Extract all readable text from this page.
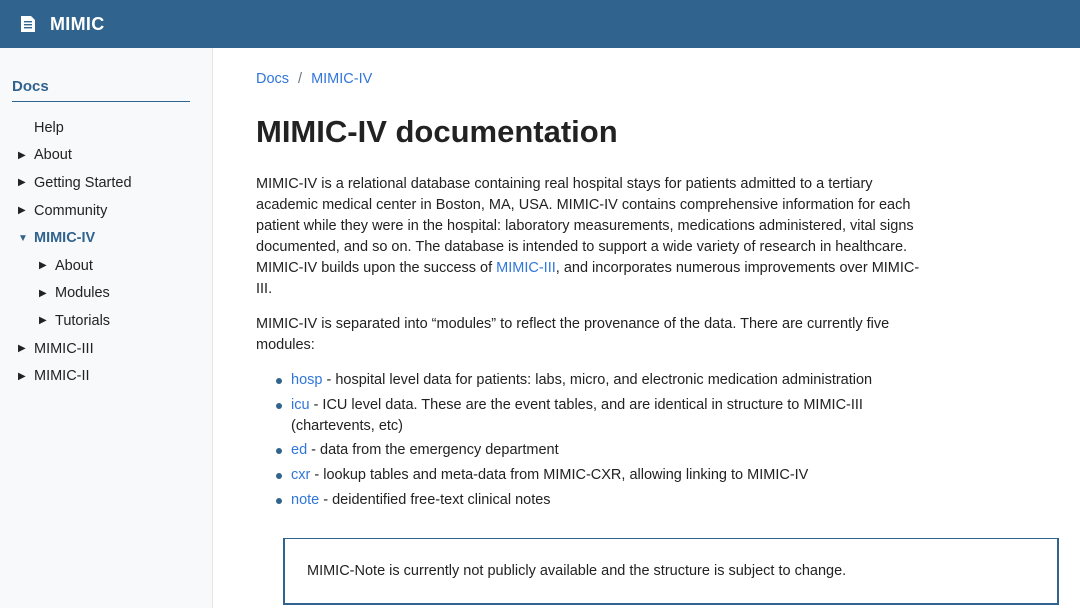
MIMIC
Docs
Help
▶ About
▶ Getting Started
▶ Community
▼ MIMIC-IV
▶ About
▶ Modules
▶ Tutorials
▶ MIMIC-III
▶ MIMIC-II
Docs / MIMIC-IV
MIMIC-IV documentation

MIMIC-IV is a relational database containing real hospital stays for patients admitted to a tertiary academic medical center in Boston, MA, USA. MIMIC-IV contains comprehensive information for each patient while they were in the hospital: laboratory measurements, medications administered, vital signs documented, and so on. The database is intended to support a wide variety of research in healthcare. MIMIC-IV builds upon the success of MIMIC-III, and incorporates numerous improvements over MIMIC-III.

MIMIC-IV is separated into “modules” to reflect the provenance of the data. There are currently five modules:

hosp - hospital level data for patients: labs, micro, and electronic medication administration
icu - ICU level data. These are the event tables, and are identical in structure to MIMIC-III (chartevents, etc)
ed - data from the emergency department
cxr - lookup tables and meta-data from MIMIC-CXR, allowing linking to MIMIC-IV
note - deidentified free-text clinical notes
MIMIC-Note is currently not publicly available and the structure is subject to change.
